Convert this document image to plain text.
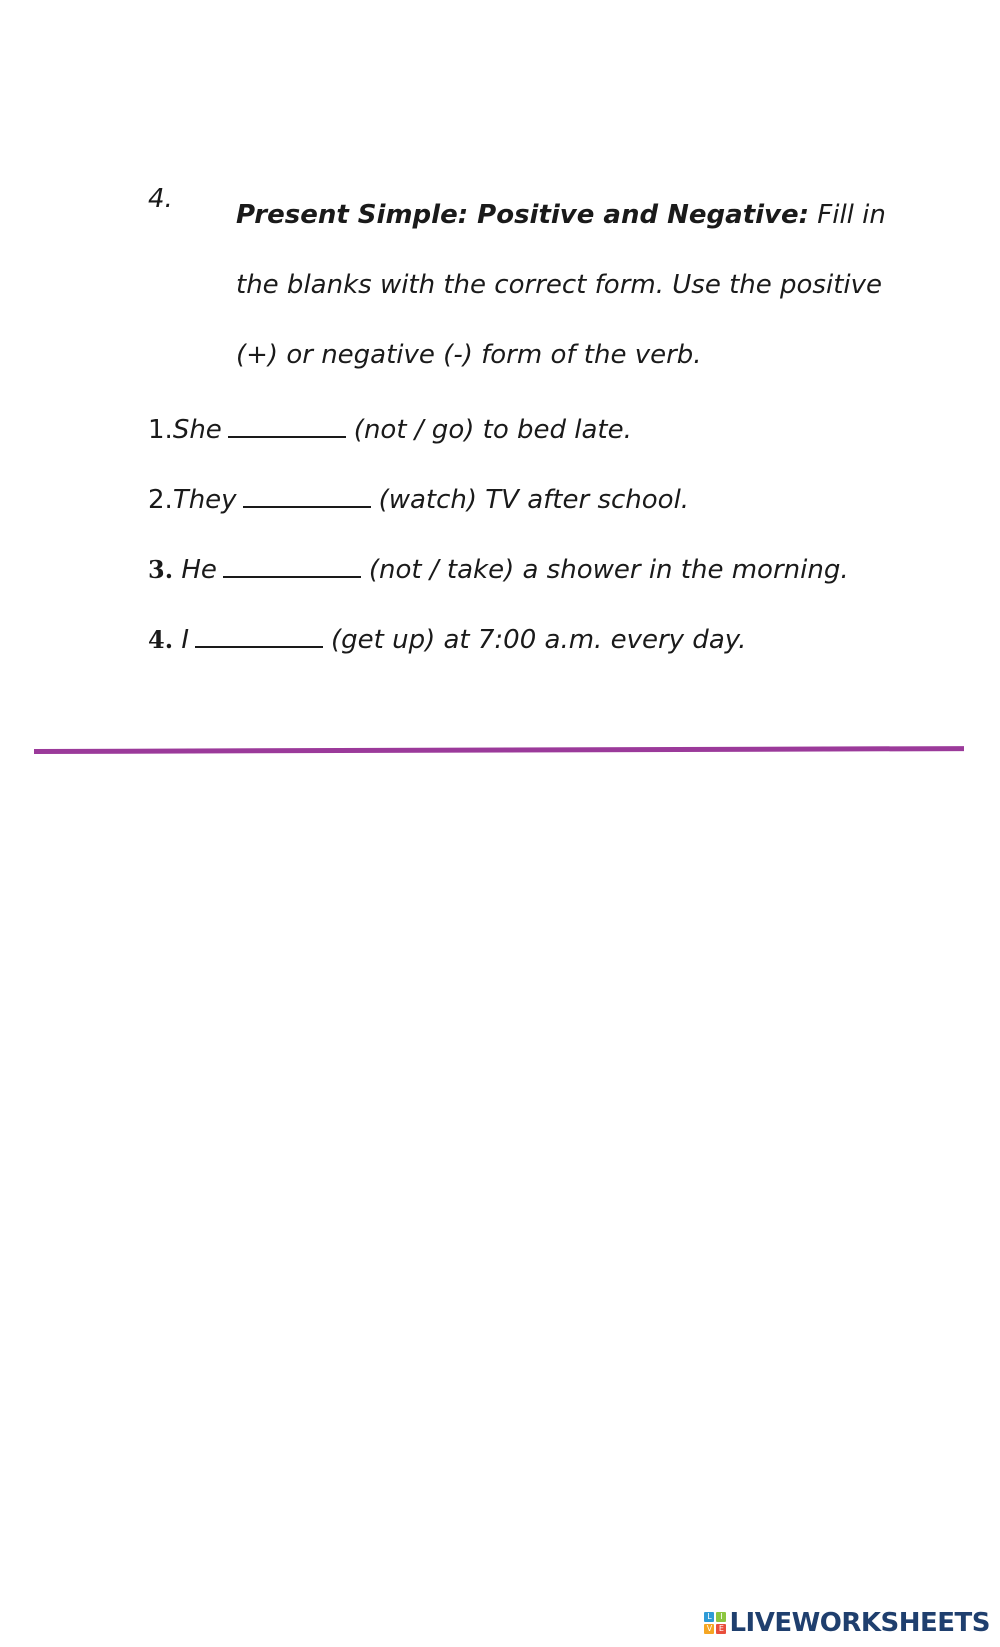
4.

Present Simple: Positive and Negative: Fill in the blanks with the correct form. Use the positive (+) or negative (-) form of the verb.

1.She	(not / go) to bed late.
2.They	(watch) TV after school.
3. He	(not / take) a shower in the morning.
4. I	(get up) at 7:00 a.m. every day.
L	I
V E LIVEWORKSHEETS
